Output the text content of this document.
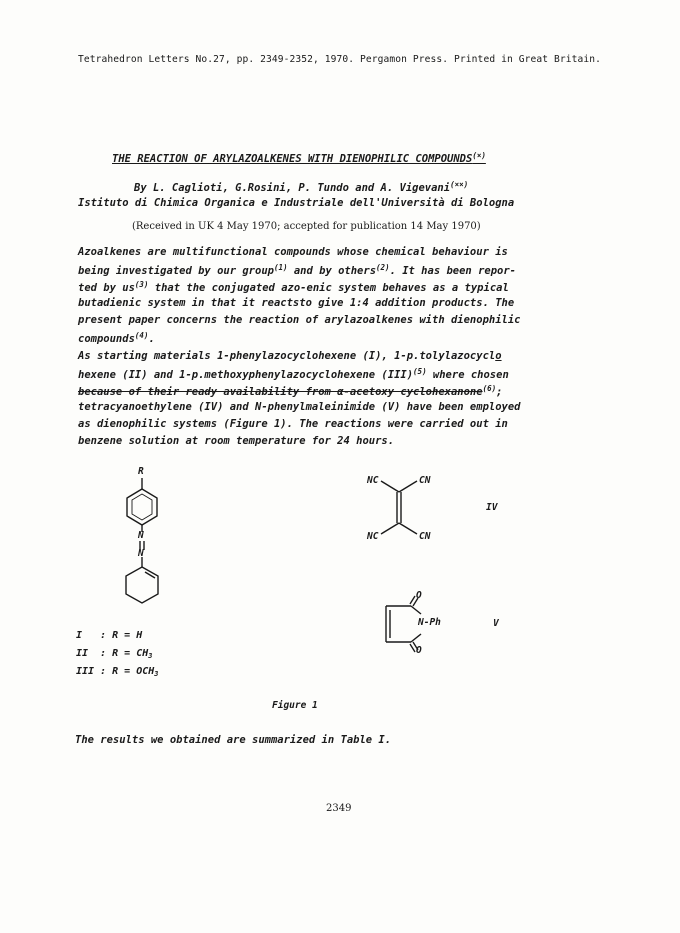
Tetrahedron Letters No.27, pp. 2349-2352, 1970. Pergamon Press. Printed in Great Britain.
THE REACTION OF ARYLAZOALKENES WITH DIENOPHILIC COMPOUNDS(×)
By L. Caglioti, G.Rosini, P. Tundo and A. Vigevani(××)
Istituto di Chimica Organica e Industriale dell'Università di Bologna
(Received in UK 4 May 1970; accepted for publication 14 May 1970)
Azoalkenes are multifunctional compounds whose chemical behaviour is
being investigated by our group$^{(1)}$ and by others$^{(2)}$. It has been repor-
ted by $us^{(3)}$ that the conjugated azo-enic system behaves as a typical
butadienic system in that it reactsto give 1:4 addition products. The
present paper concerns the reaction of arylazoalkenes with dienophilic
compounds$^{(4)}$.
As starting materials 1-phenylazocyclohexene (I), 1-p.tolylazocyclo
hexene (II) and 1-p.methoxyphenylazocyclohexene (III)$^{(5)}$ where chosen
because of their ready availability from α-acetoxy cyclohexanone$^{(6)}$;
tetracyanoethylene (IV) and N-phenylmaleinimide (V) have been employed
as dienophilic systems (Figure 1). The reactions were carried out in
benzene solution at room temperature for 24 hours.
R
N
N
NC	CN
NC	CN
IV
O
N-Ph
O
V
I   : R = H
II  : $R = CH_3$
III : $R = OCH_3$
Figure 1
The results we obtained are summarized in Table I.
2349
